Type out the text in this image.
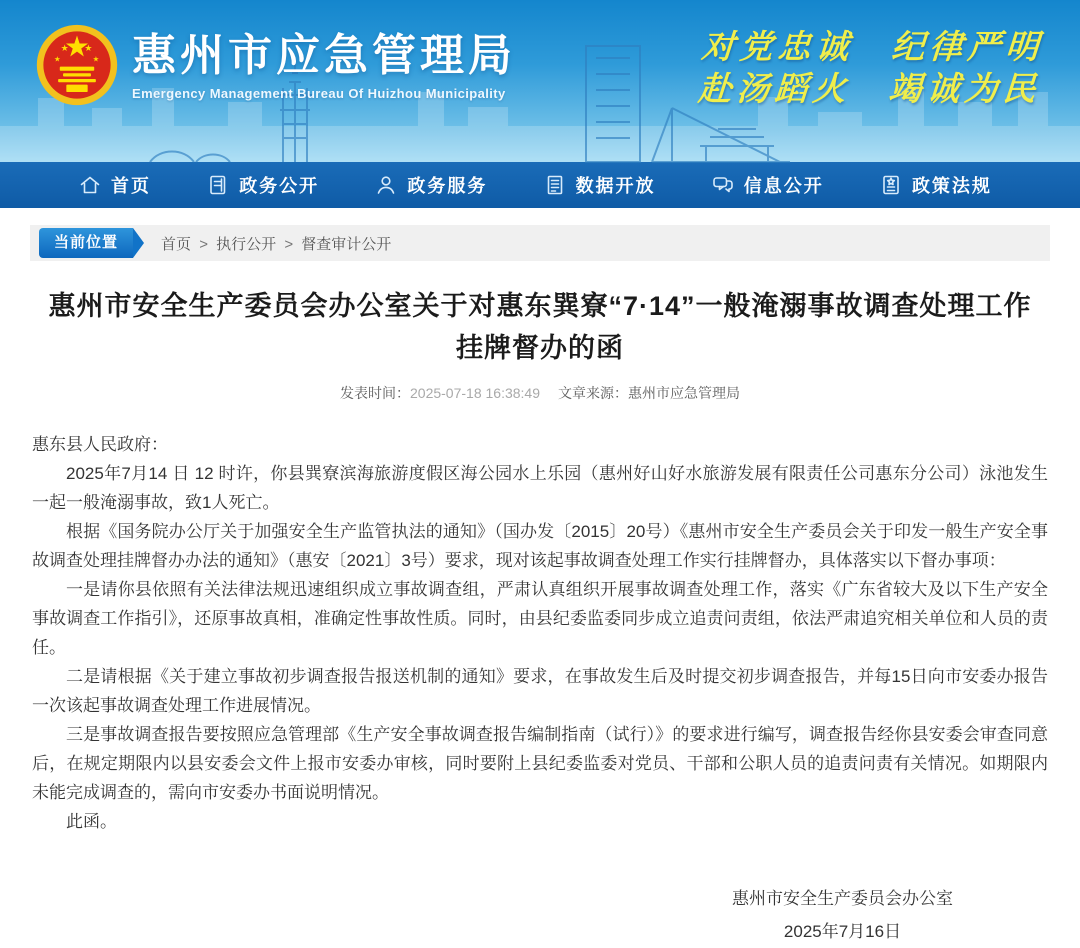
★ ★
★	★ 惠州市应急管理局
Emergency Management Bureau Of Huizhou Municipality
对党忠诚　纪律严明
赴汤蹈火　竭诚为民
首页	政务公开	政务服务	数据开放	信息公开	政策法规
当前位置	首页 > 执行公开 > 督查审计公开
惠州市安全生产委员会办公室关于对惠东巽寮“7·14”一般淹溺事故调查处理工作挂牌督办的函
发表时间：2025-07-18 16:38:49 文章来源：惠州市应急管理局

惠东县人民政府：

2025年7月14 日 12 时许，你县巽寮滨海旅游度假区海公园水上乐园（惠州好山好水旅游发展有限责任公司惠东分公司）泳池发生一起一般淹溺事故，致1人死亡。

根据《国务院办公厅关于加强安全生产监管执法的通知》（国办发〔2015〕20号）《惠州市安全生产委员会关于印发一般生产安全事故调查处理挂牌督办办法的通知》（惠安〔2021〕3号）要求，现对该起事故调查处理工作实行挂牌督办，具体落实以下督办事项：

一是请你县依照有关法律法规迅速组织成立事故调查组，严肃认真组织开展事故调查处理工作，落实《广东省较大及以下生产安全事故调查工作指引》，还原事故真相，准确定性事故性质。同时，由县纪委监委同步成立追责问责组，依法严肃追究相关单位和人员的责任。

二是请根据《关于建立事故初步调查报告报送机制的通知》要求，在事故发生后及时提交初步调查报告，并每15日向市安委办报告一次该起事故调查处理工作进展情况。

三是事故调查报告要按照应急管理部《生产安全事故调查报告编制指南（试行）》的要求进行编写，调查报告经你县安委会审查同意后，在规定期限内以县安委会文件上报市安委办审核，同时要附上县纪委监委对党员、干部和公职人员的追责问责有关情况。如期限内未能完成调查的，需向市安委办书面说明情况。

此函。

惠州市安全生产委员会办公室
2025年7月16日
